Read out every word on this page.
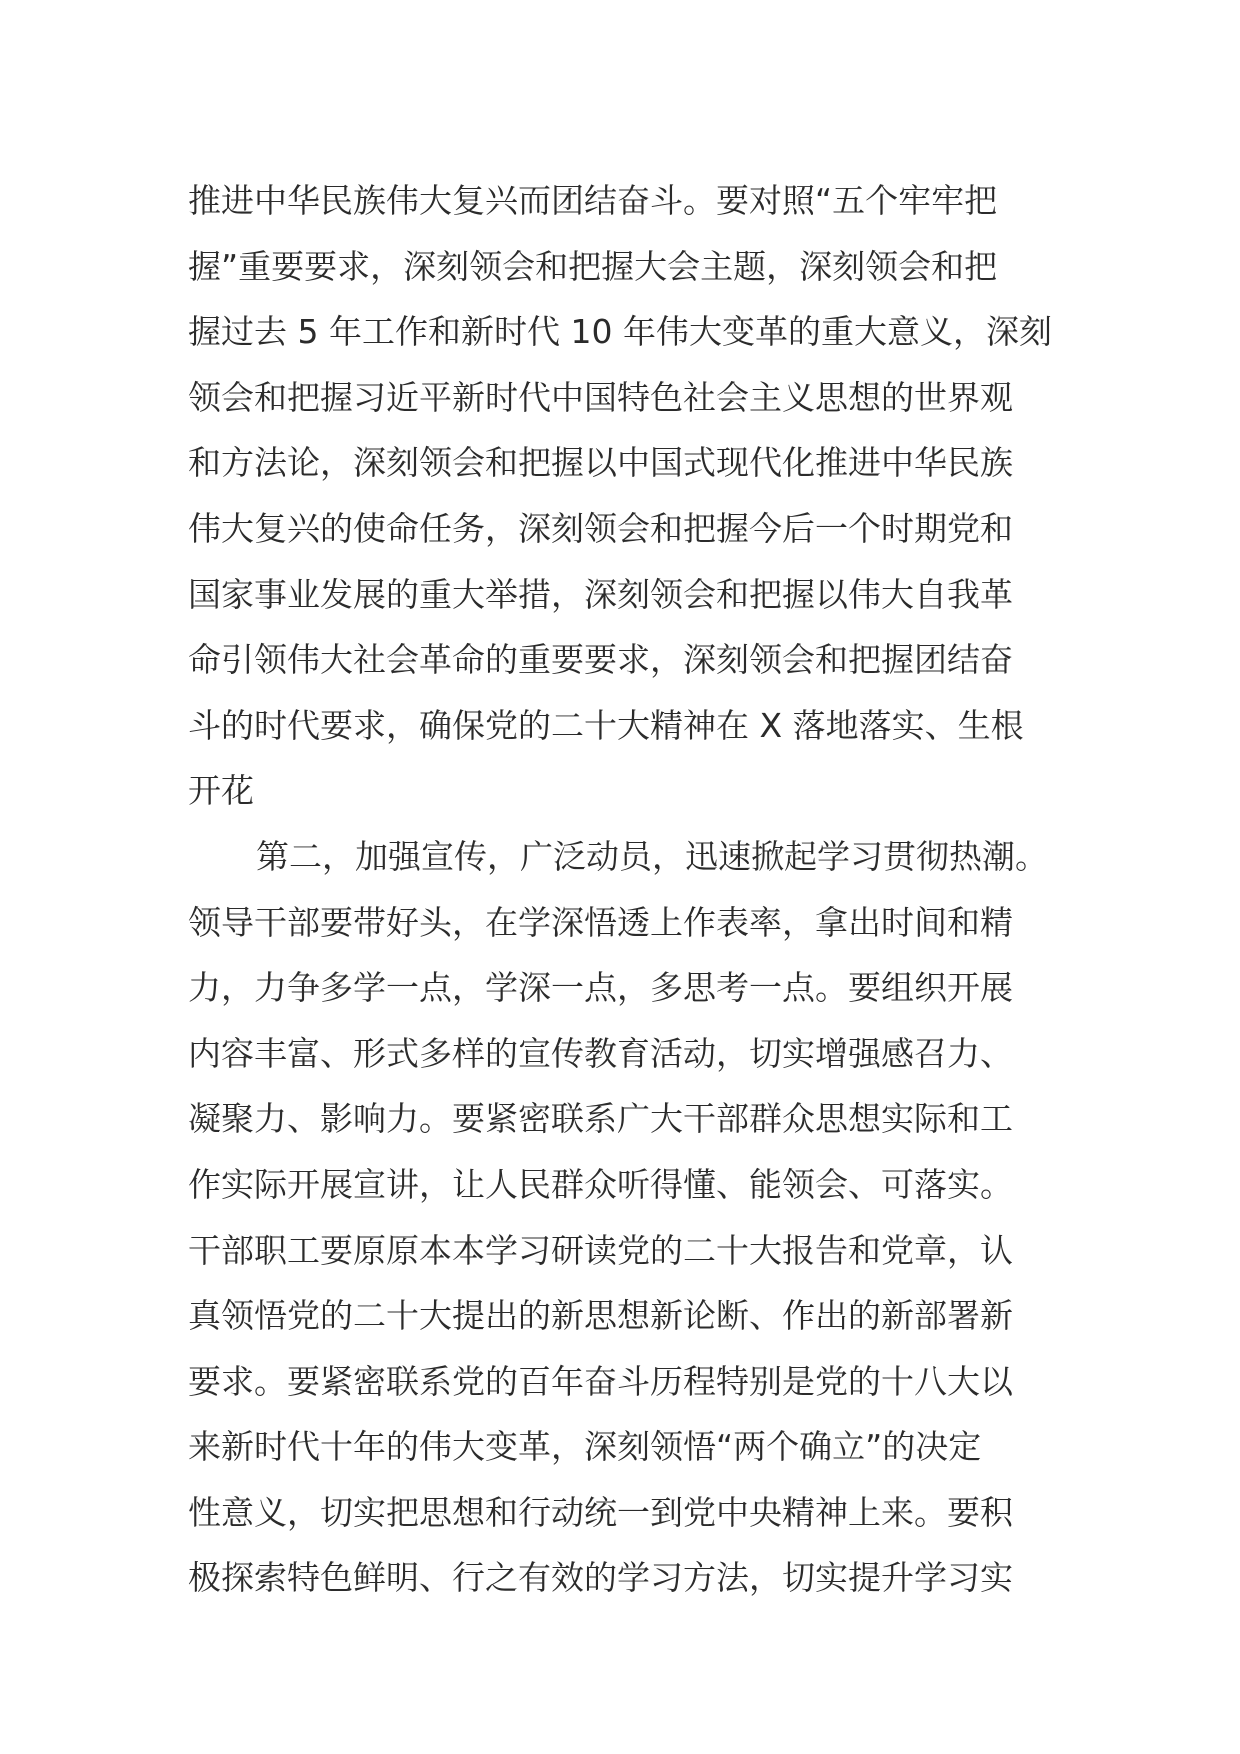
推进中华民族伟大复兴而团结奋斗。要对照“五个牢牢把
握”重要要求，深刻领会和把握大会主题，深刻领会和把
握过去 5 年工作和新时代 10 年伟大变革的重大意义，深刻
领会和把握习近平新时代中国特色社会主义思想的世界观
和方法论，深刻领会和把握以中国式现代化推进中华民族
伟大复兴的使命任务，深刻领会和把握今后一个时期党和
国家事业发展的重大举措，深刻领会和把握以伟大自我革
命引领伟大社会革命的重要要求，深刻领会和把握团结奋
斗的时代要求，确保党的二十大精神在 X 落地落实、生根
开花
第二，加强宣传，广泛动员，迅速掀起学习贯彻热潮。
领导干部要带好头，在学深悟透上作表率，拿出时间和精
力，力争多学一点，学深一点，多思考一点。要组织开展
内容丰富、形式多样的宣传教育活动，切实增强感召力、
凝聚力、影响力。要紧密联系广大干部群众思想实际和工
作实际开展宣讲，让人民群众听得懂、能领会、可落实。
干部职工要原原本本学习研读党的二十大报告和党章，认
真领悟党的二十大提出的新思想新论断、作出的新部署新
要求。要紧密联系党的百年奋斗历程特别是党的十八大以
来新时代十年的伟大变革，深刻领悟“两个确立”的决定
性意义，切实把思想和行动统一到党中央精神上来。要积
极探索特色鲜明、行之有效的学习方法，切实提升学习实
